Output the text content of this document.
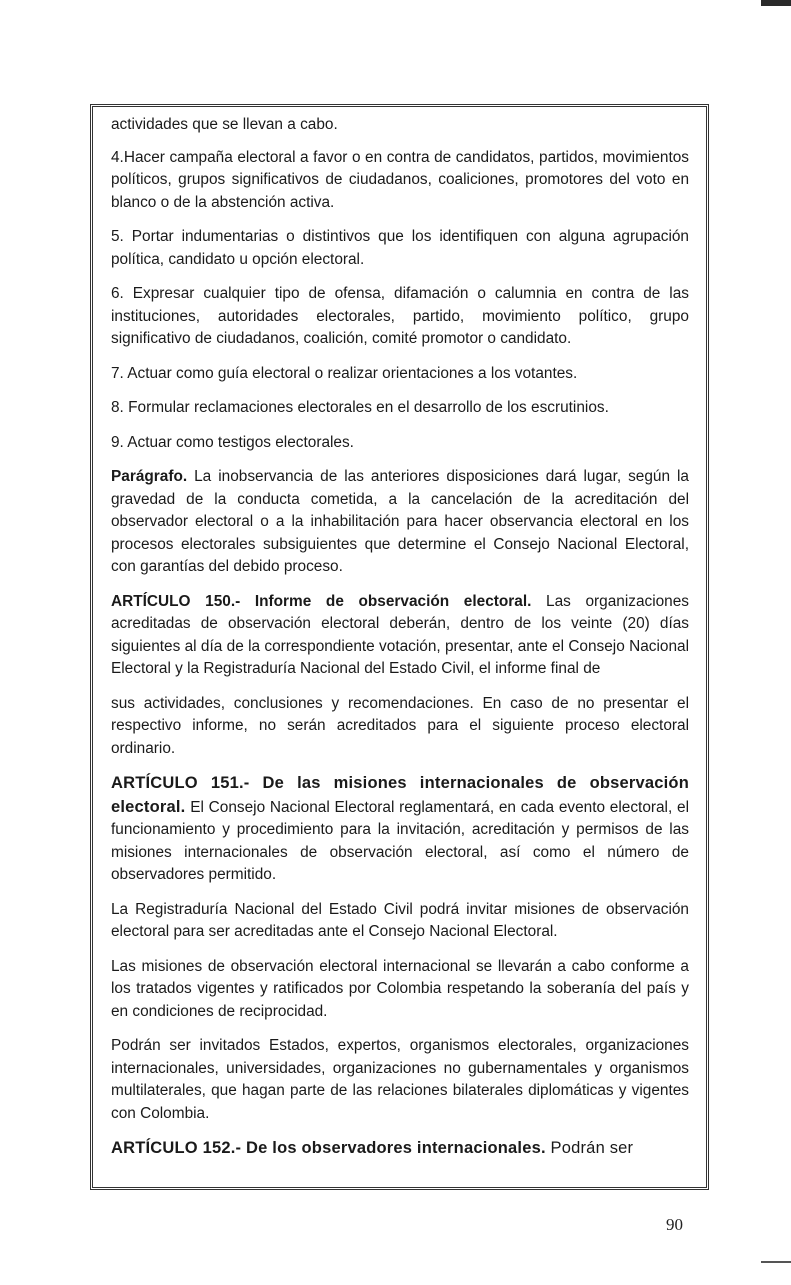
actividades que se llevan a cabo.

4.Hacer campaña electoral a favor o en contra de candidatos, partidos, movimientos políticos, grupos significativos de ciudadanos, coaliciones, promotores del voto en blanco o de la abstención activa.

5. Portar indumentarias o distintivos que los identifiquen con alguna agrupación política, candidato u opción electoral.

6. Expresar cualquier tipo de ofensa, difamación o calumnia en contra de las instituciones, autoridades electorales, partido, movimiento político, grupo significativo de ciudadanos, coalición, comité promotor o candidato.

7. Actuar como guía electoral o realizar orientaciones a los votantes.

8. Formular reclamaciones electorales en el desarrollo de los escrutinios.

9. Actuar como testigos electorales.

Parágrafo. La inobservancia de las anteriores disposiciones dará lugar, según la gravedad de la conducta cometida, a la cancelación de la acreditación del observador electoral o a la inhabilitación para hacer observancia electoral en los procesos electorales subsiguientes que determine el Consejo Nacional Electoral, con garantías del debido proceso.

ARTÍCULO 150.- Informe de observación electoral. Las organizaciones acreditadas de observación electoral deberán, dentro de los veinte (20) días siguientes al día de la correspondiente votación, presentar, ante el Consejo Nacional Electoral y la Registraduría Nacional del Estado Civil, el informe final de

sus actividades, conclusiones y recomendaciones. En caso de no presentar el respectivo informe, no serán acreditados para el siguiente proceso electoral ordinario.

ARTÍCULO 151.- De las misiones internacionales de observación electoral. El Consejo Nacional Electoral reglamentará, en cada evento electoral, el funcionamiento y procedimiento para la invitación, acreditación y permisos de las misiones internacionales de observación electoral, así como el número de observadores permitido.

La Registraduría Nacional del Estado Civil podrá invitar misiones de observación electoral para ser acreditadas ante el Consejo Nacional Electoral.

Las misiones de observación electoral internacional se llevarán a cabo conforme a los tratados vigentes y ratificados por Colombia respetando la soberanía del país y en condiciones de reciprocidad.

Podrán ser invitados Estados, expertos, organismos electorales, organizaciones internacionales, universidades, organizaciones no gubernamentales y organismos multilaterales, que hagan parte de las relaciones bilaterales diplomáticas y vigentes con Colombia.

ARTÍCULO 152.- De los observadores internacionales. Podrán ser

90
